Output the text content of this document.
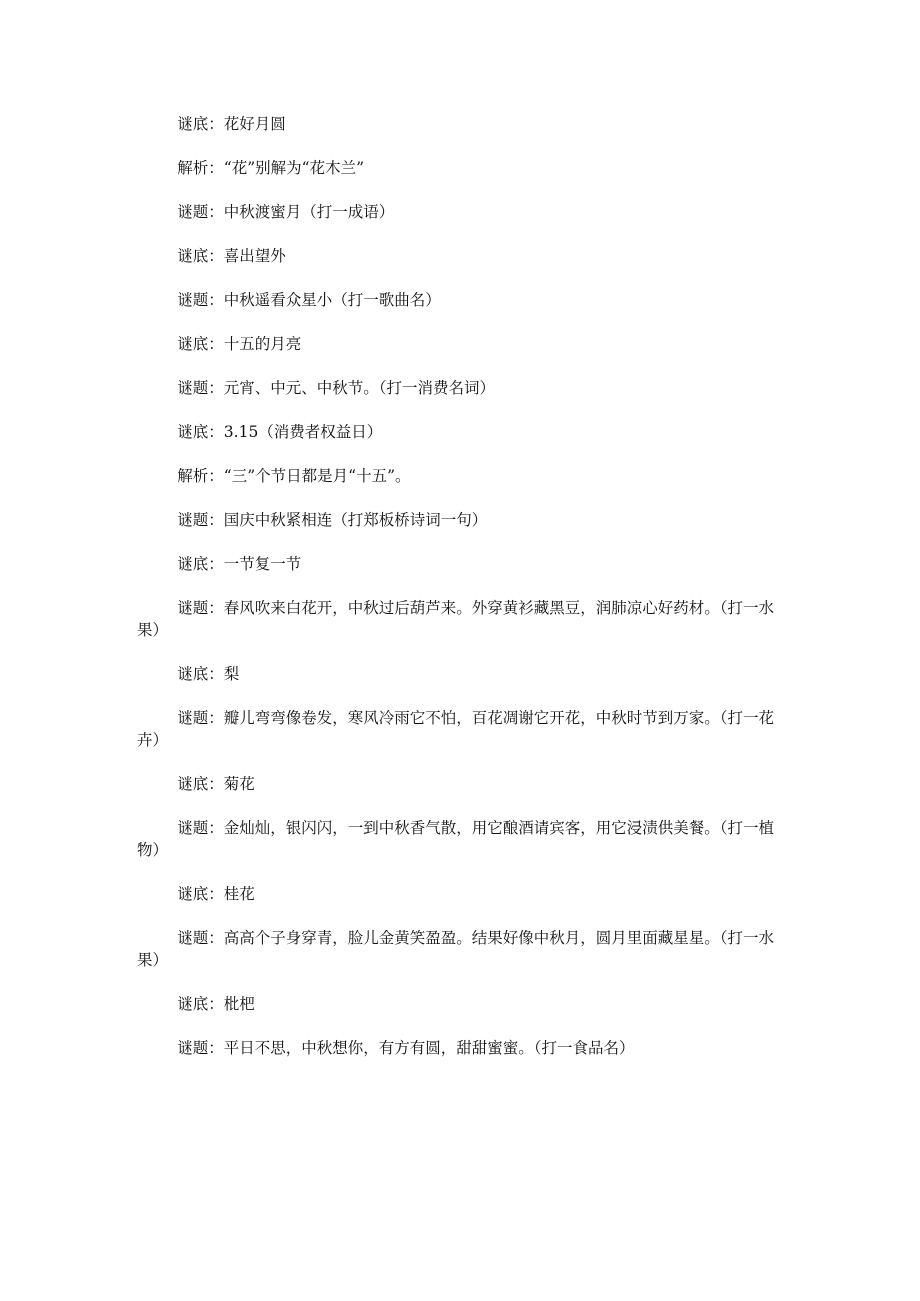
谜底：花好月圆

解析：“花”别解为“花木兰”

谜题：中秋渡蜜月（打一成语）

谜底：喜出望外

谜题：中秋遥看众星小（打一歌曲名）

谜底：十五的月亮

谜题：元宵、中元、中秋节。（打一消费名词）

谜底：3.15（消费者权益日）

解析：“三”个节日都是月“十五”。

谜题：国庆中秋紧相连（打郑板桥诗词一句）

谜底：一节复一节

谜题：春风吹来白花开，中秋过后葫芦来。外穿黄衫藏黑豆，润肺凉心好药材。（打一水果）

谜底：梨

谜题：瓣儿弯弯像卷发，寒风冷雨它不怕，百花凋谢它开花，中秋时节到万家。（打一花卉）

谜底：菊花

谜题：金灿灿，银闪闪，一到中秋香气散，用它酿酒请宾客，用它浸渍供美餐。（打一植物）

谜底：桂花

谜题：高高个子身穿青，脸儿金黄笑盈盈。结果好像中秋月，圆月里面藏星星。（打一水果）

谜底：枇杷

谜题：平日不思，中秋想你，有方有圆，甜甜蜜蜜。（打一食品名）
